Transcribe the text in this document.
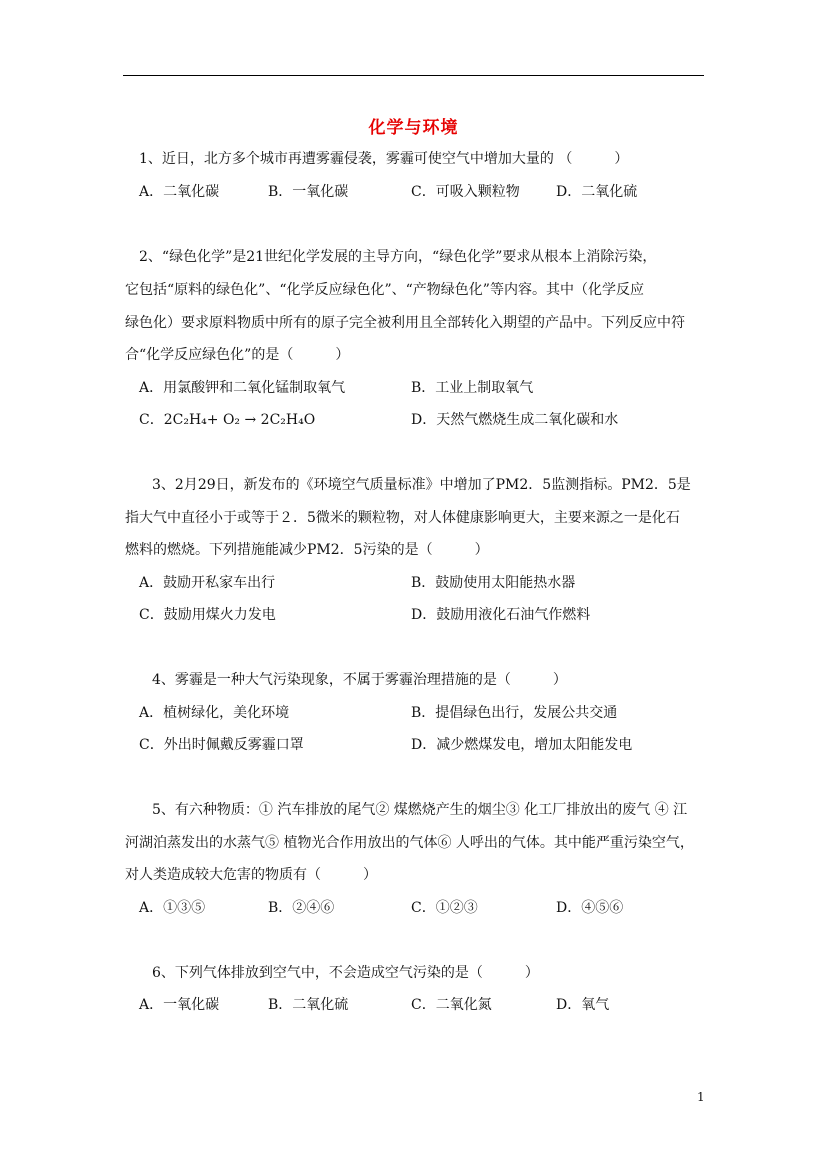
化学与环境
1、近日，北方多个城市再遭雾霾侵袭，雾霾可使空气中增加大量的 （　　　）
A．二氧化碳	B．一氧化碳	C．可吸入颗粒物	D．二氧化硫
2、“绿色化学”是21世纪化学发展的主导方向，“绿色化学”要求从根本上消除污染，
它包括“原料的绿色化”、“化学反应绿色化”、“产物绿色化”等内容。其中（化学反应
绿色化）要求原料物质中所有的原子完全被利用且全部转化入期望的产品中。下列反应中符
合“化学反应绿色化”的是（　　　）
A．用氯酸钾和二氧化锰制取氧气	B．工业上制取氧气
C．2C₂H₄+ O₂ → 2C₂H₄O	D．天然气燃烧生成二氧化碳和水
3、2月29日，新发布的《环境空气质量标准》中增加了PM2．5监测指标。PM2．5是
指大气中直径小于或等于２．5微米的颗粒物，对人体健康影响更大，主要来源之一是化石
燃料的燃烧。下列措施能减少PM2．5污染的是（　　　）
A．鼓励开私家车出行	B．鼓励使用太阳能热水器
C．鼓励用煤火力发电	D．鼓励用液化石油气作燃料
4、雾霾是一种大气污染现象，不属于雾霾治理措施的是（　　　）
A．植树绿化，美化环境	B．提倡绿色出行，发展公共交通
C．外出时佩戴反雾霾口罩	D．减少燃煤发电，增加太阳能发电
5、有六种物质：① 汽车排放的尾气② 煤燃烧产生的烟尘③ 化工厂排放出的废气 ④ 江
河湖泊蒸发出的水蒸气⑤ 植物光合作用放出的气体⑥ 人呼出的气体。其中能严重污染空气，
对人类造成较大危害的物质有（　　　）
A．①③⑤	B．②④⑥	C．①②③	D．④⑤⑥
6、下列气体排放到空气中，不会造成空气污染的是（　　　）
A．一氧化碳	B．二氧化硫	C．二氧化氮	D．氧气
1
